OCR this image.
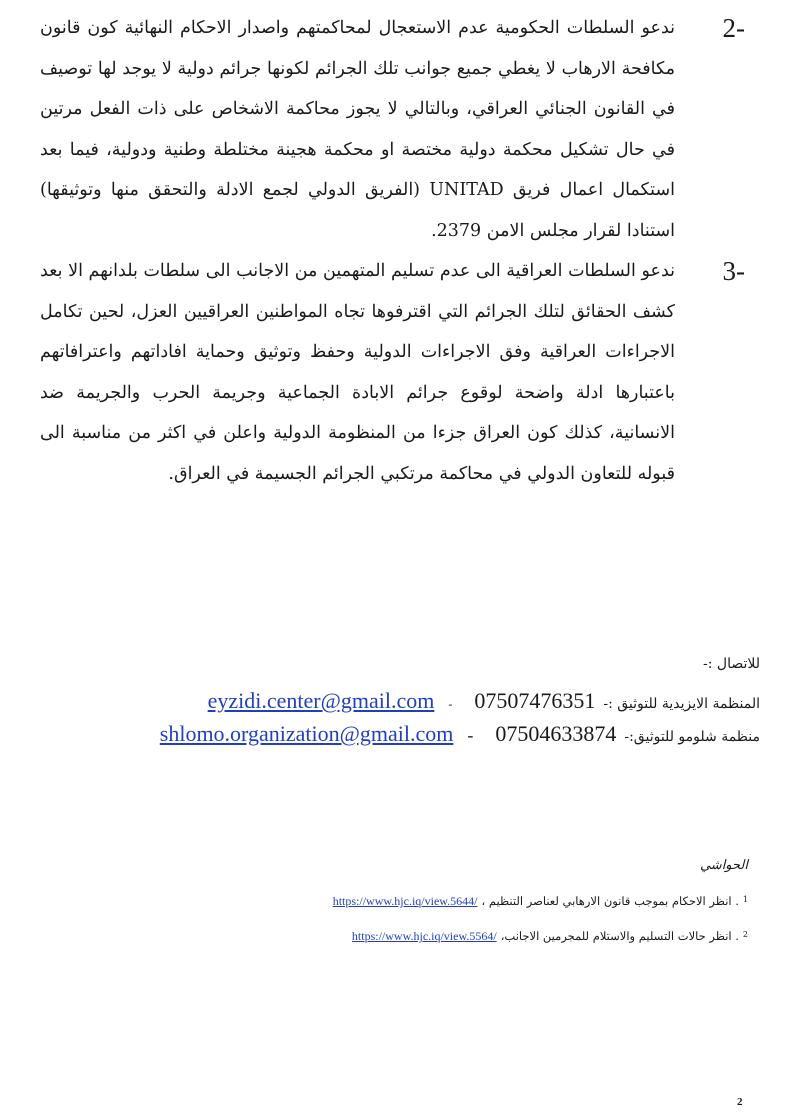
2-
ندعو السلطات الحكومية عدم الاستعجال لمحاكمتهم واصدار الاحكام النهائية كون قانون مكافحة الارهاب لا يغطي جميع جوانب تلك الجرائم لكونها جرائم دولية لا يوجد لها توصيف في القانون الجنائي العراقي، وبالتالي لا يجوز محاكمة الاشخاص على ذات الفعل مرتين في حال تشكيل محكمة دولية مختصة او محكمة هجينة مختلطة وطنية ودولية، فيما بعد استكمال اعمال فريق UNITAD (الفريق الدولي لجمع الادلة والتحقق منها وتوثيقها) استنادا لقرار مجلس الامن 2379.
3-
ندعو السلطات العراقية الى عدم تسليم المتهمين من الاجانب الى سلطات بلدانهم الا بعد كشف الحقائق لتلك الجرائم التي اقترفوها تجاه المواطنين العراقيين العزل، لحين تكامل الاجراءات العراقية وفق الاجراءات الدولية وحفظ وتوثيق وحماية افاداتهم واعترافاتهم باعتبارها ادلة واضحة لوقوع جرائم الابادة الجماعية وجريمة الحرب والجريمة ضد الانسانية، كذلك كون العراق جزءا من المنظومة الدولية واعلن في اكثر من مناسبة الى قبوله للتعاون الدولي في محاكمة مرتكبي الجرائم الجسيمة في العراق.
للاتصال :-
المنظمة الايزيدية للتوثيق :-
07507476351
-
eyzidi.center@gmail.com
منظمة شلومو للتوثيق:-
07504633874
-
shlomo.organization@gmail.com
الحواشي
$^1$
. انظر الاحكام بموجب قانون الارهابي لعناصر التنظيم ،
https://www.hjc.iq/view.5644/
$^2$
. انظر حالات التسليم والاستلام للمجرمين الاجانب،
https://www.hjc.iq/view.5564/
2
